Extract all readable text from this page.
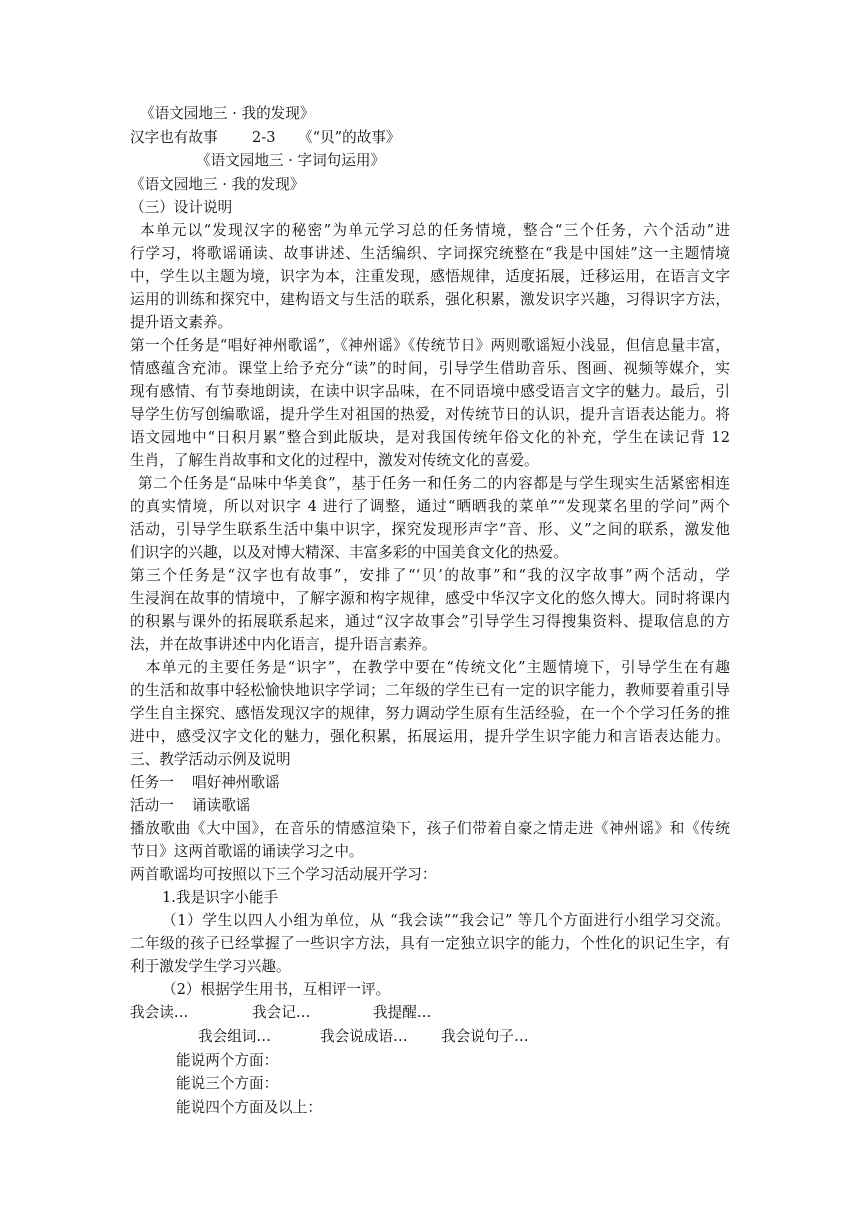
《语文园地三 · 我的发现》
汉字也有故事 2-3 《“贝”的故事》
《语文园地三 · 字词句运用》
《语文园地三 · 我的发现》
（三）设计说明
本单元以“发现汉字的秘密”为单元学习总的任务情境，整合“三个任务，六个活动”进
行学习，将歌谣诵读、故事讲述、生活编织、字词探究统整在“我是中国娃”这一主题情境
中，学生以主题为境，识字为本，注重发现，感悟规律，适度拓展，迁移运用，在语言文字
运用的训练和探究中，建构语文与生活的联系，强化积累，激发识字兴趣，习得识字方法，
提升语文素养。
第一个任务是“唱好神州歌谣”，《神州谣》《传统节日》两则歌谣短小浅显，但信息量丰富，
情感蕴含充沛。课堂上给予充分“读”的时间，引导学生借助音乐、图画、视频等媒介，实
现有感情、有节奏地朗读，在读中识字品味，在不同语境中感受语言文字的魅力。最后，引
导学生仿写创编歌谣，提升学生对祖国的热爱，对传统节日的认识，提升言语表达能力。将
语文园地中“日积月累”整合到此版块，是对我国传统年俗文化的补充，学生在读记背 12
生肖，了解生肖故事和文化的过程中，激发对传统文化的喜爱。
第二个任务是“品味中华美食”，基于任务一和任务二的内容都是与学生现实生活紧密相连
的真实情境，所以对识字 4 进行了调整，通过“晒晒我的菜单”“发现菜名里的学问”两个
活动，引导学生联系生活中集中识字，探究发现形声字“音、形、义”之间的联系，激发他
们识字的兴趣，以及对博大精深、丰富多彩的中国美食文化的热爱。
第三个任务是“汉字也有故事”，安排了“‘贝’的故事”和“我的汉字故事”两个活动，学
生浸润在故事的情境中，了解字源和构字规律，感受中华汉字文化的悠久博大。同时将课内
的积累与课外的拓展联系起来，通过“汉字故事会”引导学生习得搜集资料、提取信息的方
法，并在故事讲述中内化语言，提升语言素养。
本单元的主要任务是“识字”，在教学中要在“传统文化”主题情境下，引导学生在有趣
的生活和故事中轻松愉快地识字学词；二年级的学生已有一定的识字能力，教师要着重引导
学生自主探究、感悟发现汉字的规律，努力调动学生原有生活经验，在一个个学习任务的推
进中，感受汉字文化的魅力，强化积累，拓展运用，提升学生识字能力和言语表达能力。
三、教学活动示例及说明
任务一 唱好神州歌谣
活动一 诵读歌谣
播放歌曲《大中国》，在音乐的情感渲染下，孩子们带着自豪之情走进《神州谣》和《传统
节日》这两首歌谣的诵读学习之中。
两首歌谣均可按照以下三个学习活动展开学习：
1.我是识字小能手
（1）学生以四人小组为单位，从 “我会读”“我会记” 等几个方面进行小组学习交流。
二年级的孩子已经掌握了一些识字方法，具有一定独立识字的能力，个性化的识记生字，有
利于激发学生学习兴趣。
（2）根据学生用书，互相评一评。
我会读…	我会记…	我提醒…
我会组词…	我会说成语… 我会说句子…
能说两个方面：
能说三个方面：
能说四个方面及以上：
